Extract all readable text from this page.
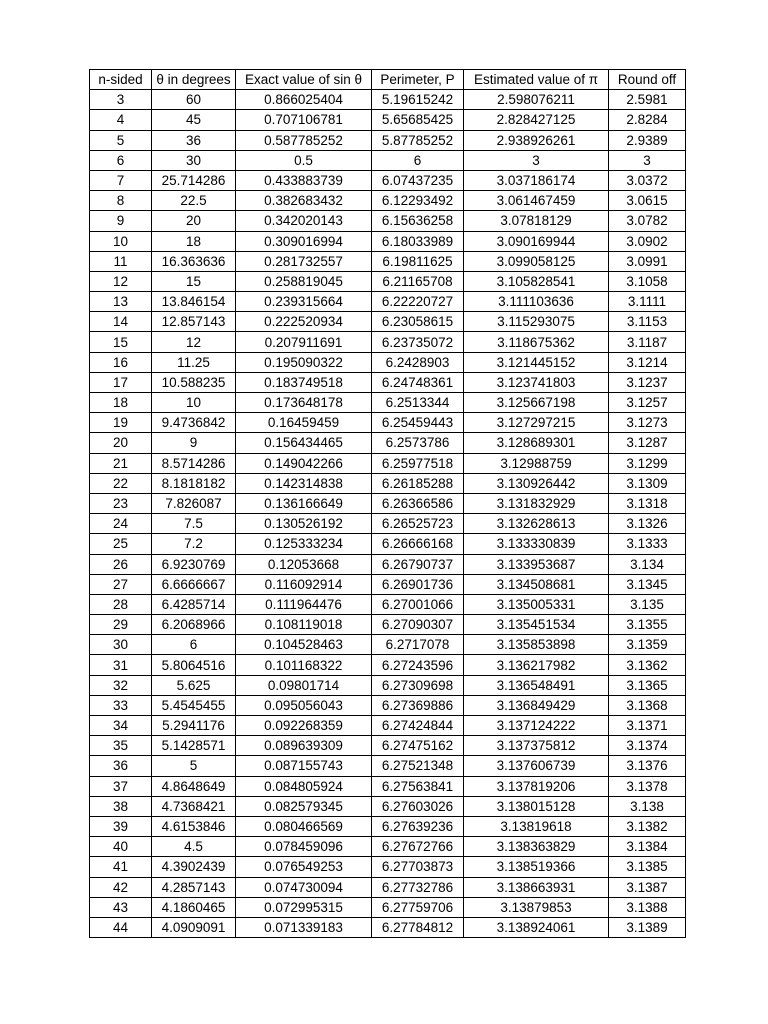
n-sided	θ in degrees	Exact value of sin θ	Perimeter, P	Estimated value of π	Round off
3	60	0.866025404	5.19615242	2.598076211	2.5981
4	45	0.707106781	5.65685425	2.828427125	2.8284
5	36	0.587785252	5.87785252	2.938926261	2.9389
6	30	0.5	6	3	3
7	25.714286	0.433883739	6.07437235	3.037186174	3.0372
8	22.5	0.382683432	6.12293492	3.061467459	3.0615
9	20	0.342020143	6.15636258	3.07818129	3.0782
10	18	0.309016994	6.18033989	3.090169944	3.0902
11	16.363636	0.281732557	6.19811625	3.099058125	3.0991
12	15	0.258819045	6.21165708	3.105828541	3.1058
13	13.846154	0.239315664	6.22220727	3.111103636	3.1111
14	12.857143	0.222520934	6.23058615	3.115293075	3.1153
15	12	0.207911691	6.23735072	3.118675362	3.1187
16	11.25	0.195090322	6.2428903	3.121445152	3.1214
17	10.588235	0.183749518	6.24748361	3.123741803	3.1237
18	10	0.173648178	6.2513344	3.125667198	3.1257
19	9.4736842	0.16459459	6.25459443	3.127297215	3.1273
20	9	0.156434465	6.2573786	3.128689301	3.1287
21	8.5714286	0.149042266	6.25977518	3.12988759	3.1299
22	8.1818182	0.142314838	6.26185288	3.130926442	3.1309
23	7.826087	0.136166649	6.26366586	3.131832929	3.1318
24	7.5	0.130526192	6.26525723	3.132628613	3.1326
25	7.2	0.125333234	6.26666168	3.133330839	3.1333
26	6.9230769	0.12053668	6.26790737	3.133953687	3.134
27	6.6666667	0.116092914	6.26901736	3.134508681	3.1345
28	6.4285714	0.111964476	6.27001066	3.135005331	3.135
29	6.2068966	0.108119018	6.27090307	3.135451534	3.1355
30	6	0.104528463	6.2717078	3.135853898	3.1359
31	5.8064516	0.101168322	6.27243596	3.136217982	3.1362
32	5.625	0.09801714	6.27309698	3.136548491	3.1365
33	5.4545455	0.095056043	6.27369886	3.136849429	3.1368
34	5.2941176	0.092268359	6.27424844	3.137124222	3.1371
35	5.1428571	0.089639309	6.27475162	3.137375812	3.1374
36	5	0.087155743	6.27521348	3.137606739	3.1376
37	4.8648649	0.084805924	6.27563841	3.137819206	3.1378
38	4.7368421	0.082579345	6.27603026	3.138015128	3.138
39	4.6153846	0.080466569	6.27639236	3.13819618	3.1382
40	4.5	0.078459096	6.27672766	3.138363829	3.1384
41	4.3902439	0.076549253	6.27703873	3.138519366	3.1385
42	4.2857143	0.074730094	6.27732786	3.138663931	3.1387
43	4.1860465	0.072995315	6.27759706	3.13879853	3.1388
44	4.0909091	0.071339183	6.27784812	3.138924061	3.1389
